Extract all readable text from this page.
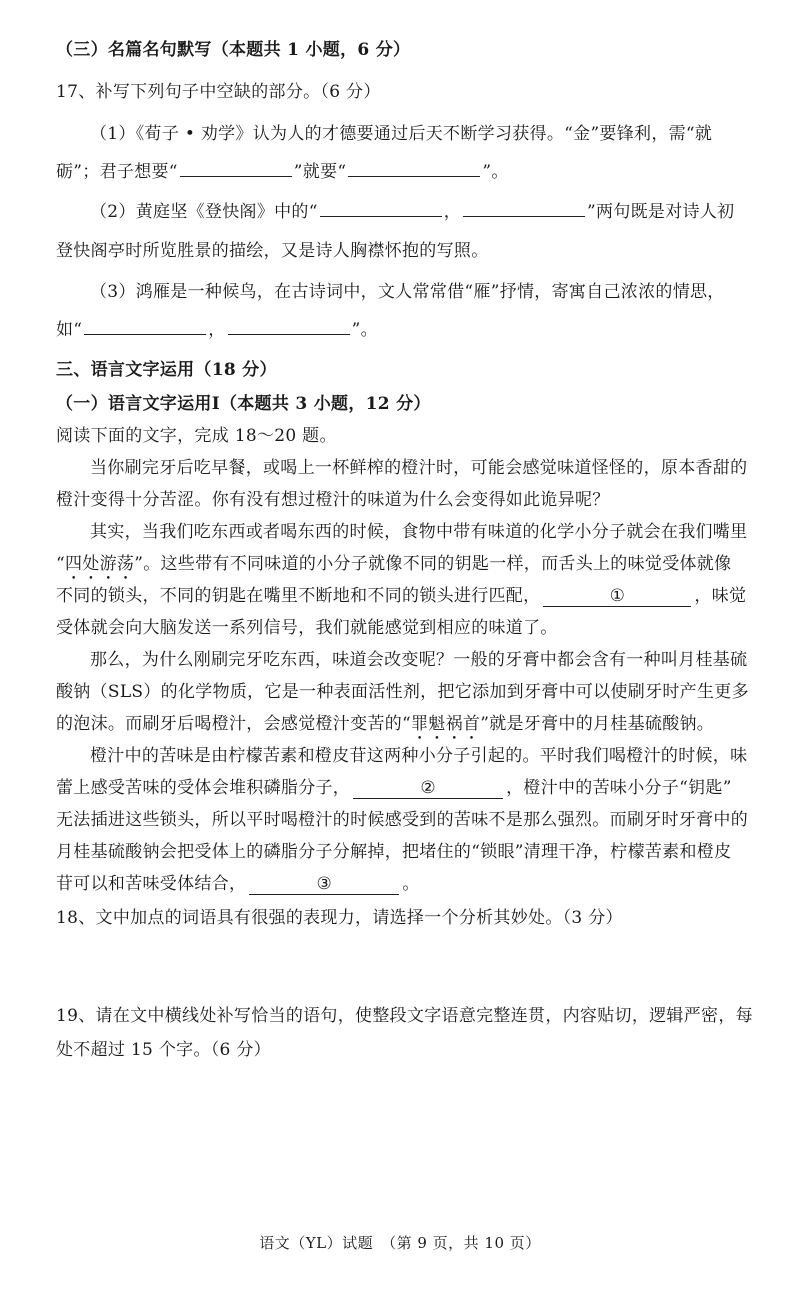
（三）名篇名句默写（本题共 1 小题，6 分）
17、补写下列句子中空缺的部分。（6 分）
（1）《荀子 • 劝学》认为人的才德要通过后天不断学习获得。“金”要锋利，需“就
砺”；君子想要“	”就要“	”。
（2）黄庭坚《登快阁》中的“	，	”两句既是对诗人初
登快阁亭时所览胜景的描绘，又是诗人胸襟怀抱的写照。
（3）鸿雁是一种候鸟，在古诗词中，文人常常借“雁”抒情，寄寓自己浓浓的情思，
如“	，	”。
三、语言文字运用（18 分）
（一）语言文字运用Ⅰ（本题共 3 小题，12 分）
阅读下面的文字，完成 18～20 题。
当你刷完牙后吃早餐，或喝上一杯鲜榨的橙汁时，可能会感觉味道怪怪的，原本香甜的
橙汁变得十分苦涩。你有没有想过橙汁的味道为什么会变得如此诡异呢？
其实，当我们吃东西或者喝东西的时候，食物中带有味道的化学小分子就会在我们嘴里
“四处游荡”。这些带有不同味道的小分子就像不同的钥匙一样，而舌头上的味觉受体就像
不同的锁头，不同的钥匙在嘴里不断地和不同的锁头进行匹配，	①	，味觉
受体就会向大脑发送一系列信号，我们就能感觉到相应的味道了。
那么，为什么刚刷完牙吃东西，味道会改变呢？一般的牙膏中都会含有一种叫月桂基硫
酸钠（SLS）的化学物质，它是一种表面活性剂，把它添加到牙膏中可以使刷牙时产生更多
的泡沫。而刷牙后喝橙汁，会感觉橙汁变苦的“罪魁祸首”就是牙膏中的月桂基硫酸钠。
橙汁中的苦味是由柠檬苦素和橙皮苷这两种小分子引起的。平时我们喝橙汁的时候，味
蕾上感受苦味的受体会堆积磷脂分子，	②	，橙汁中的苦味小分子“钥匙”
无法插进这些锁头，所以平时喝橙汁的时候感受到的苦味不是那么强烈。而刷牙时牙膏中的
月桂基硫酸钠会把受体上的磷脂分子分解掉，把堵住的“锁眼”清理干净，柠檬苦素和橙皮
苷可以和苦味受体结合，	③	。
18、文中加点的词语具有很强的表现力，请选择一个分析其妙处。（3 分）
19、请在文中横线处补写恰当的语句，使整段文字语意完整连贯，内容贴切，逻辑严密，每
处不超过 15 个字。（6 分）
语文（YL）试题　（第 9 页，共 10 页）
